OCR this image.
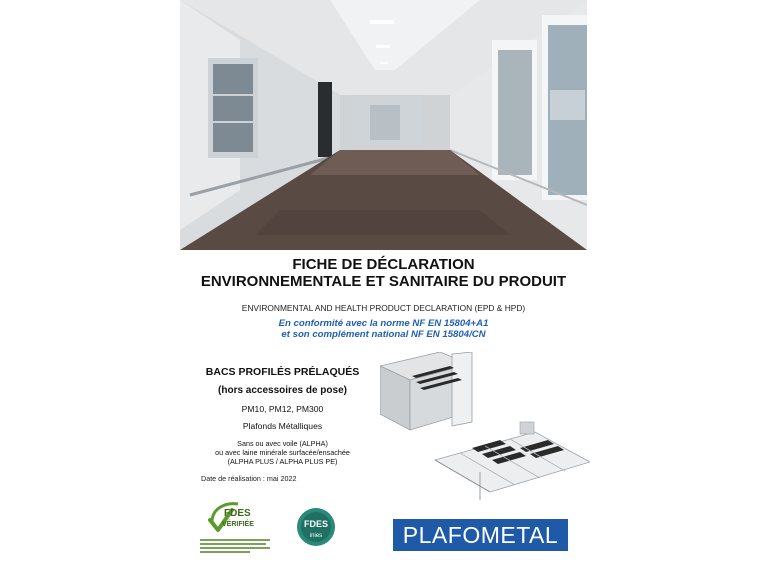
FICHE DE DÉCLARATION
ENVIRONNEMENTALE ET SANITAIRE DU PRODUIT
ENVIRONMENTAL AND HEALTH PRODUCT DECLARATION (EPD & HPD)
En conformité avec la norme NF EN 15804+A1
et son complément national NF EN 15804/CN
BACS PROFILÉS PRÉLAQUÉS
(hors accessoires de pose)
PM10, PM12, PM300
Plafonds Métalliques
Sans ou avec voile (ALPHA)
ou avec laine minérale surfacée/ensachée
(ALPHA PLUS / ALPHA PLUS PE)
Date de réalisation : mai 2022
FDES
VÉRIFIÉE	FDES
inies	PLAFOMETAL
